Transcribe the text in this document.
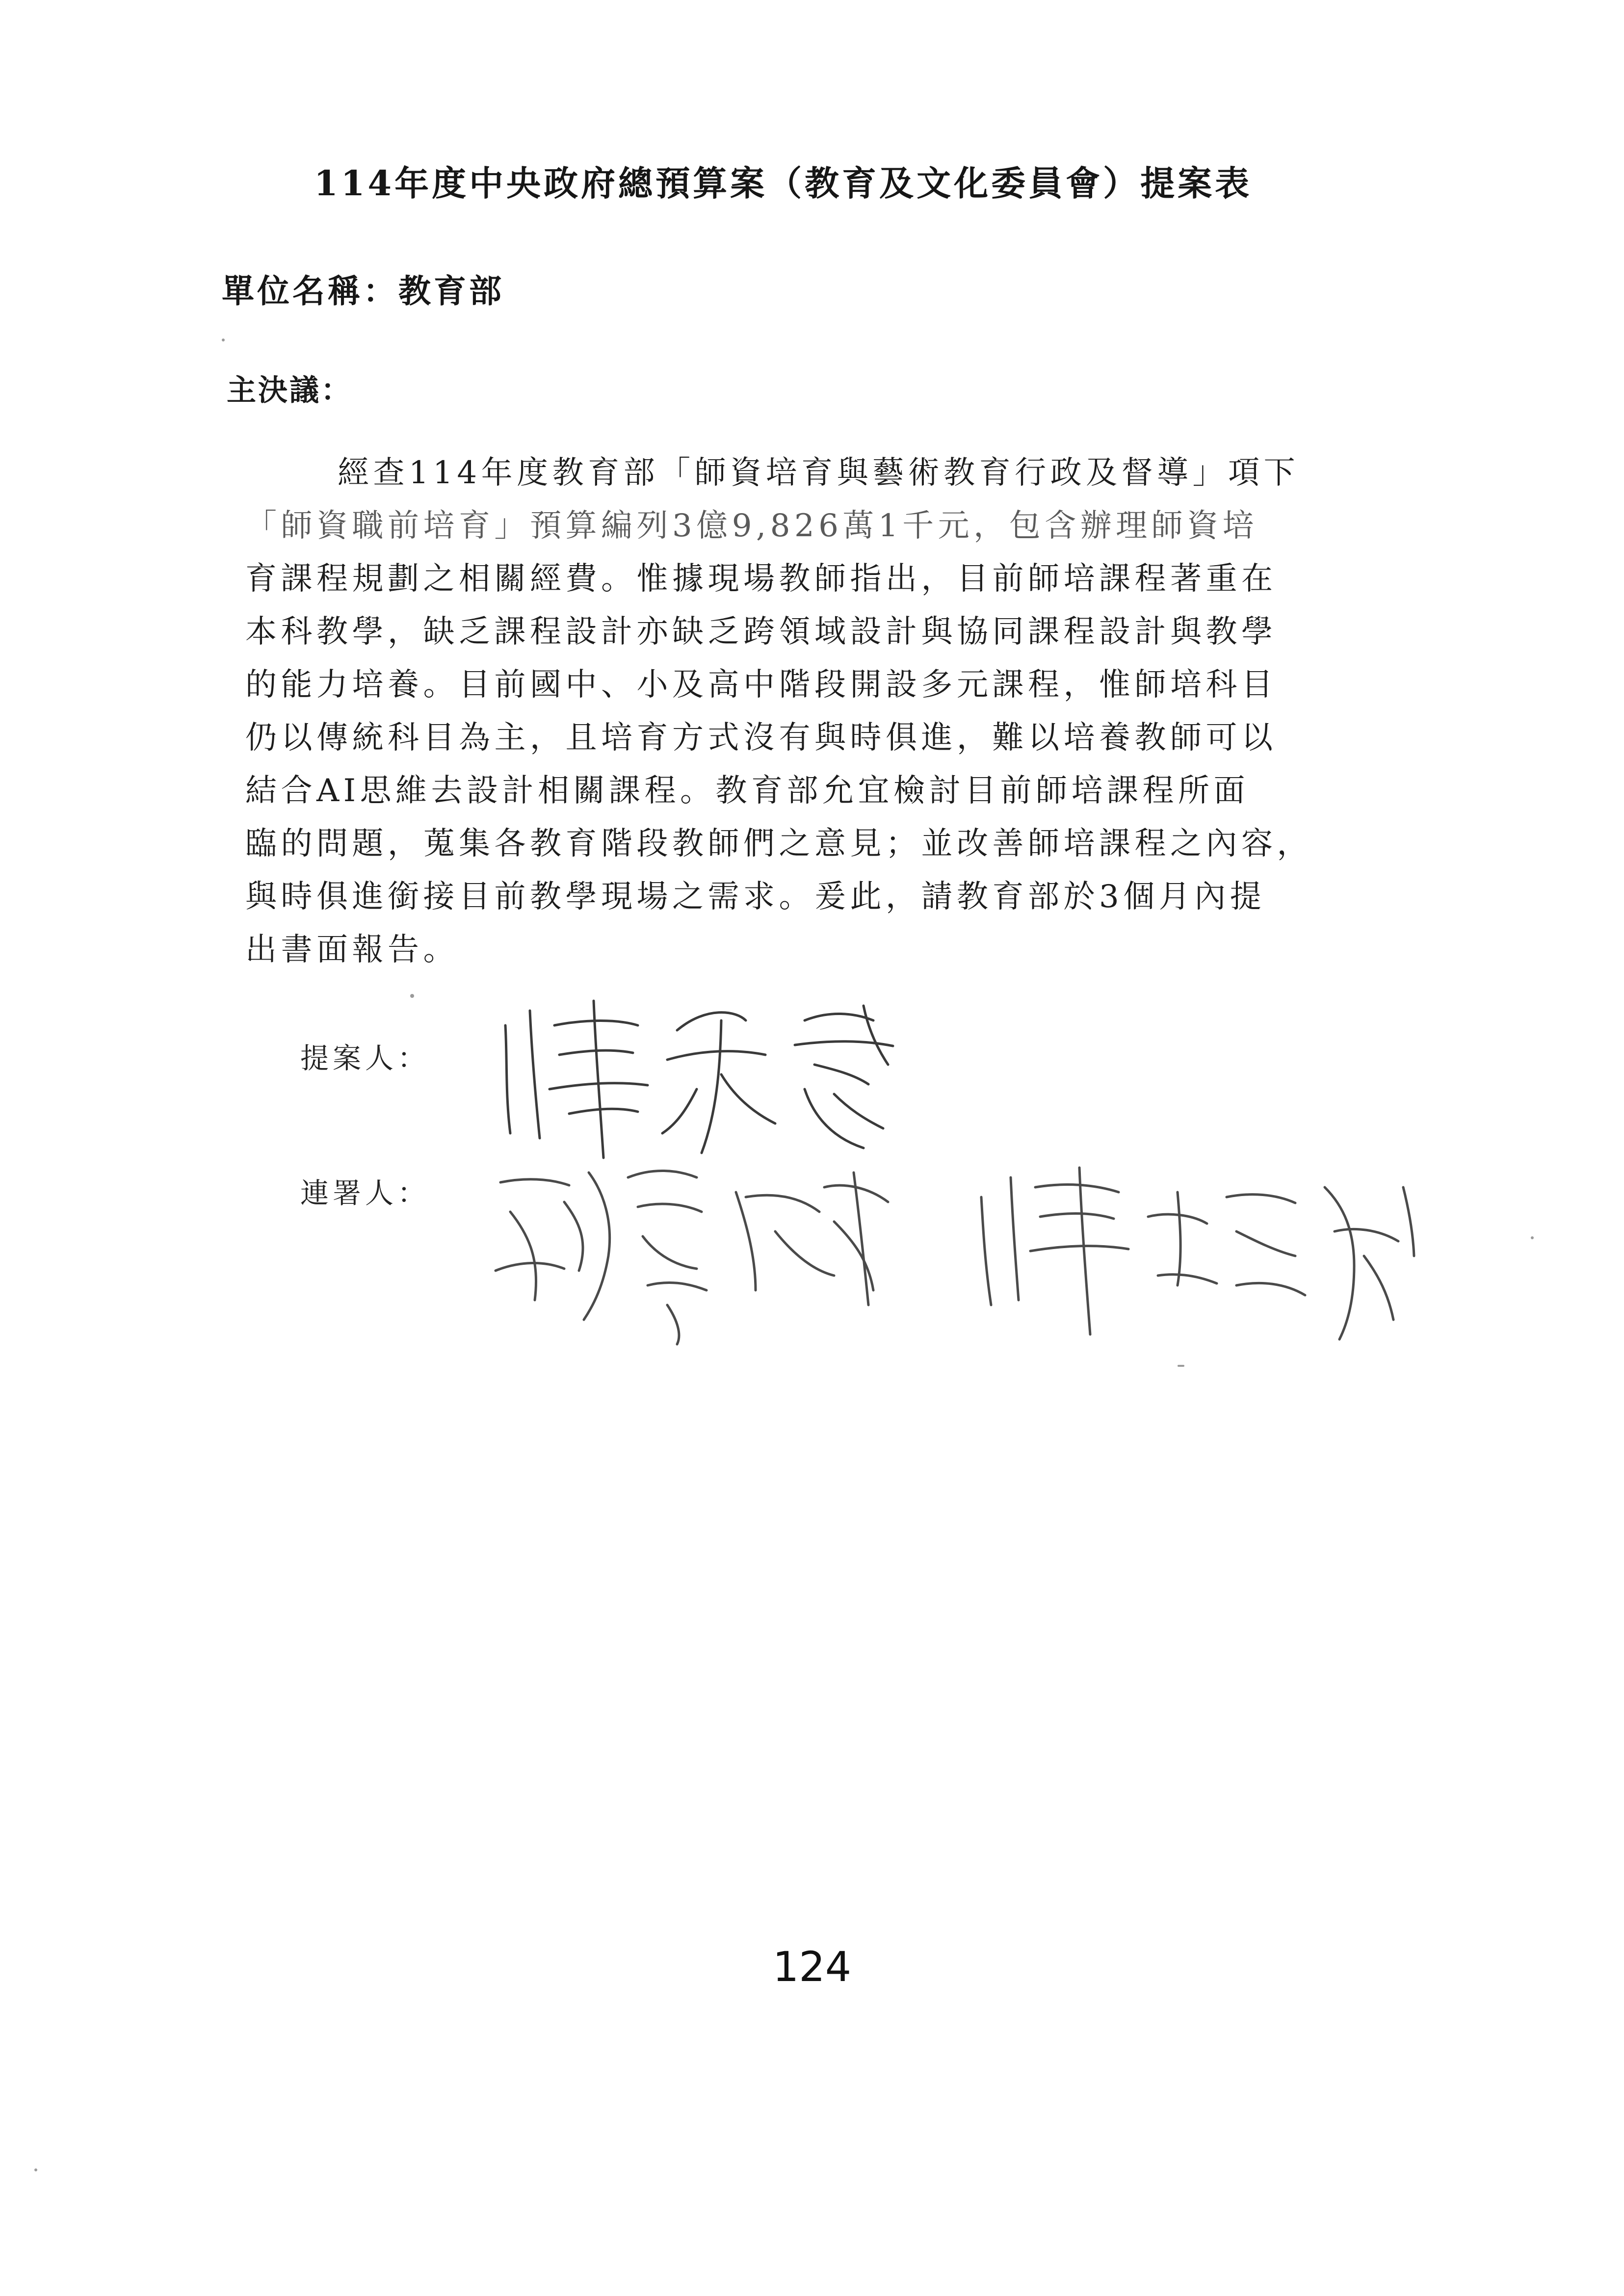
114年度中央政府總預算案（教育及文化委員會）提案表
單位名稱：教育部
主決議：
經查114年度教育部「師資培育與藝術教育行政及督導」項下
「師資職前培育」預算編列3億9,826萬1千元，包含辦理師資培
育課程規劃之相關經費。惟據現場教師指出，目前師培課程著重在
本科教學，缺乏課程設計亦缺乏跨領域設計與協同課程設計與教學
的能力培養。目前國中、小及高中階段開設多元課程，惟師培科目
仍以傳統科目為主，且培育方式沒有與時俱進，難以培養教師可以
結合AI思維去設計相關課程。教育部允宜檢討目前師培課程所面
臨的問題，蒐集各教育階段教師們之意見；並改善師培課程之內容，
與時俱進銜接目前教學現場之需求。爰此，請教育部於3個月內提
出書面報告。
提案人：
連署人：
124
